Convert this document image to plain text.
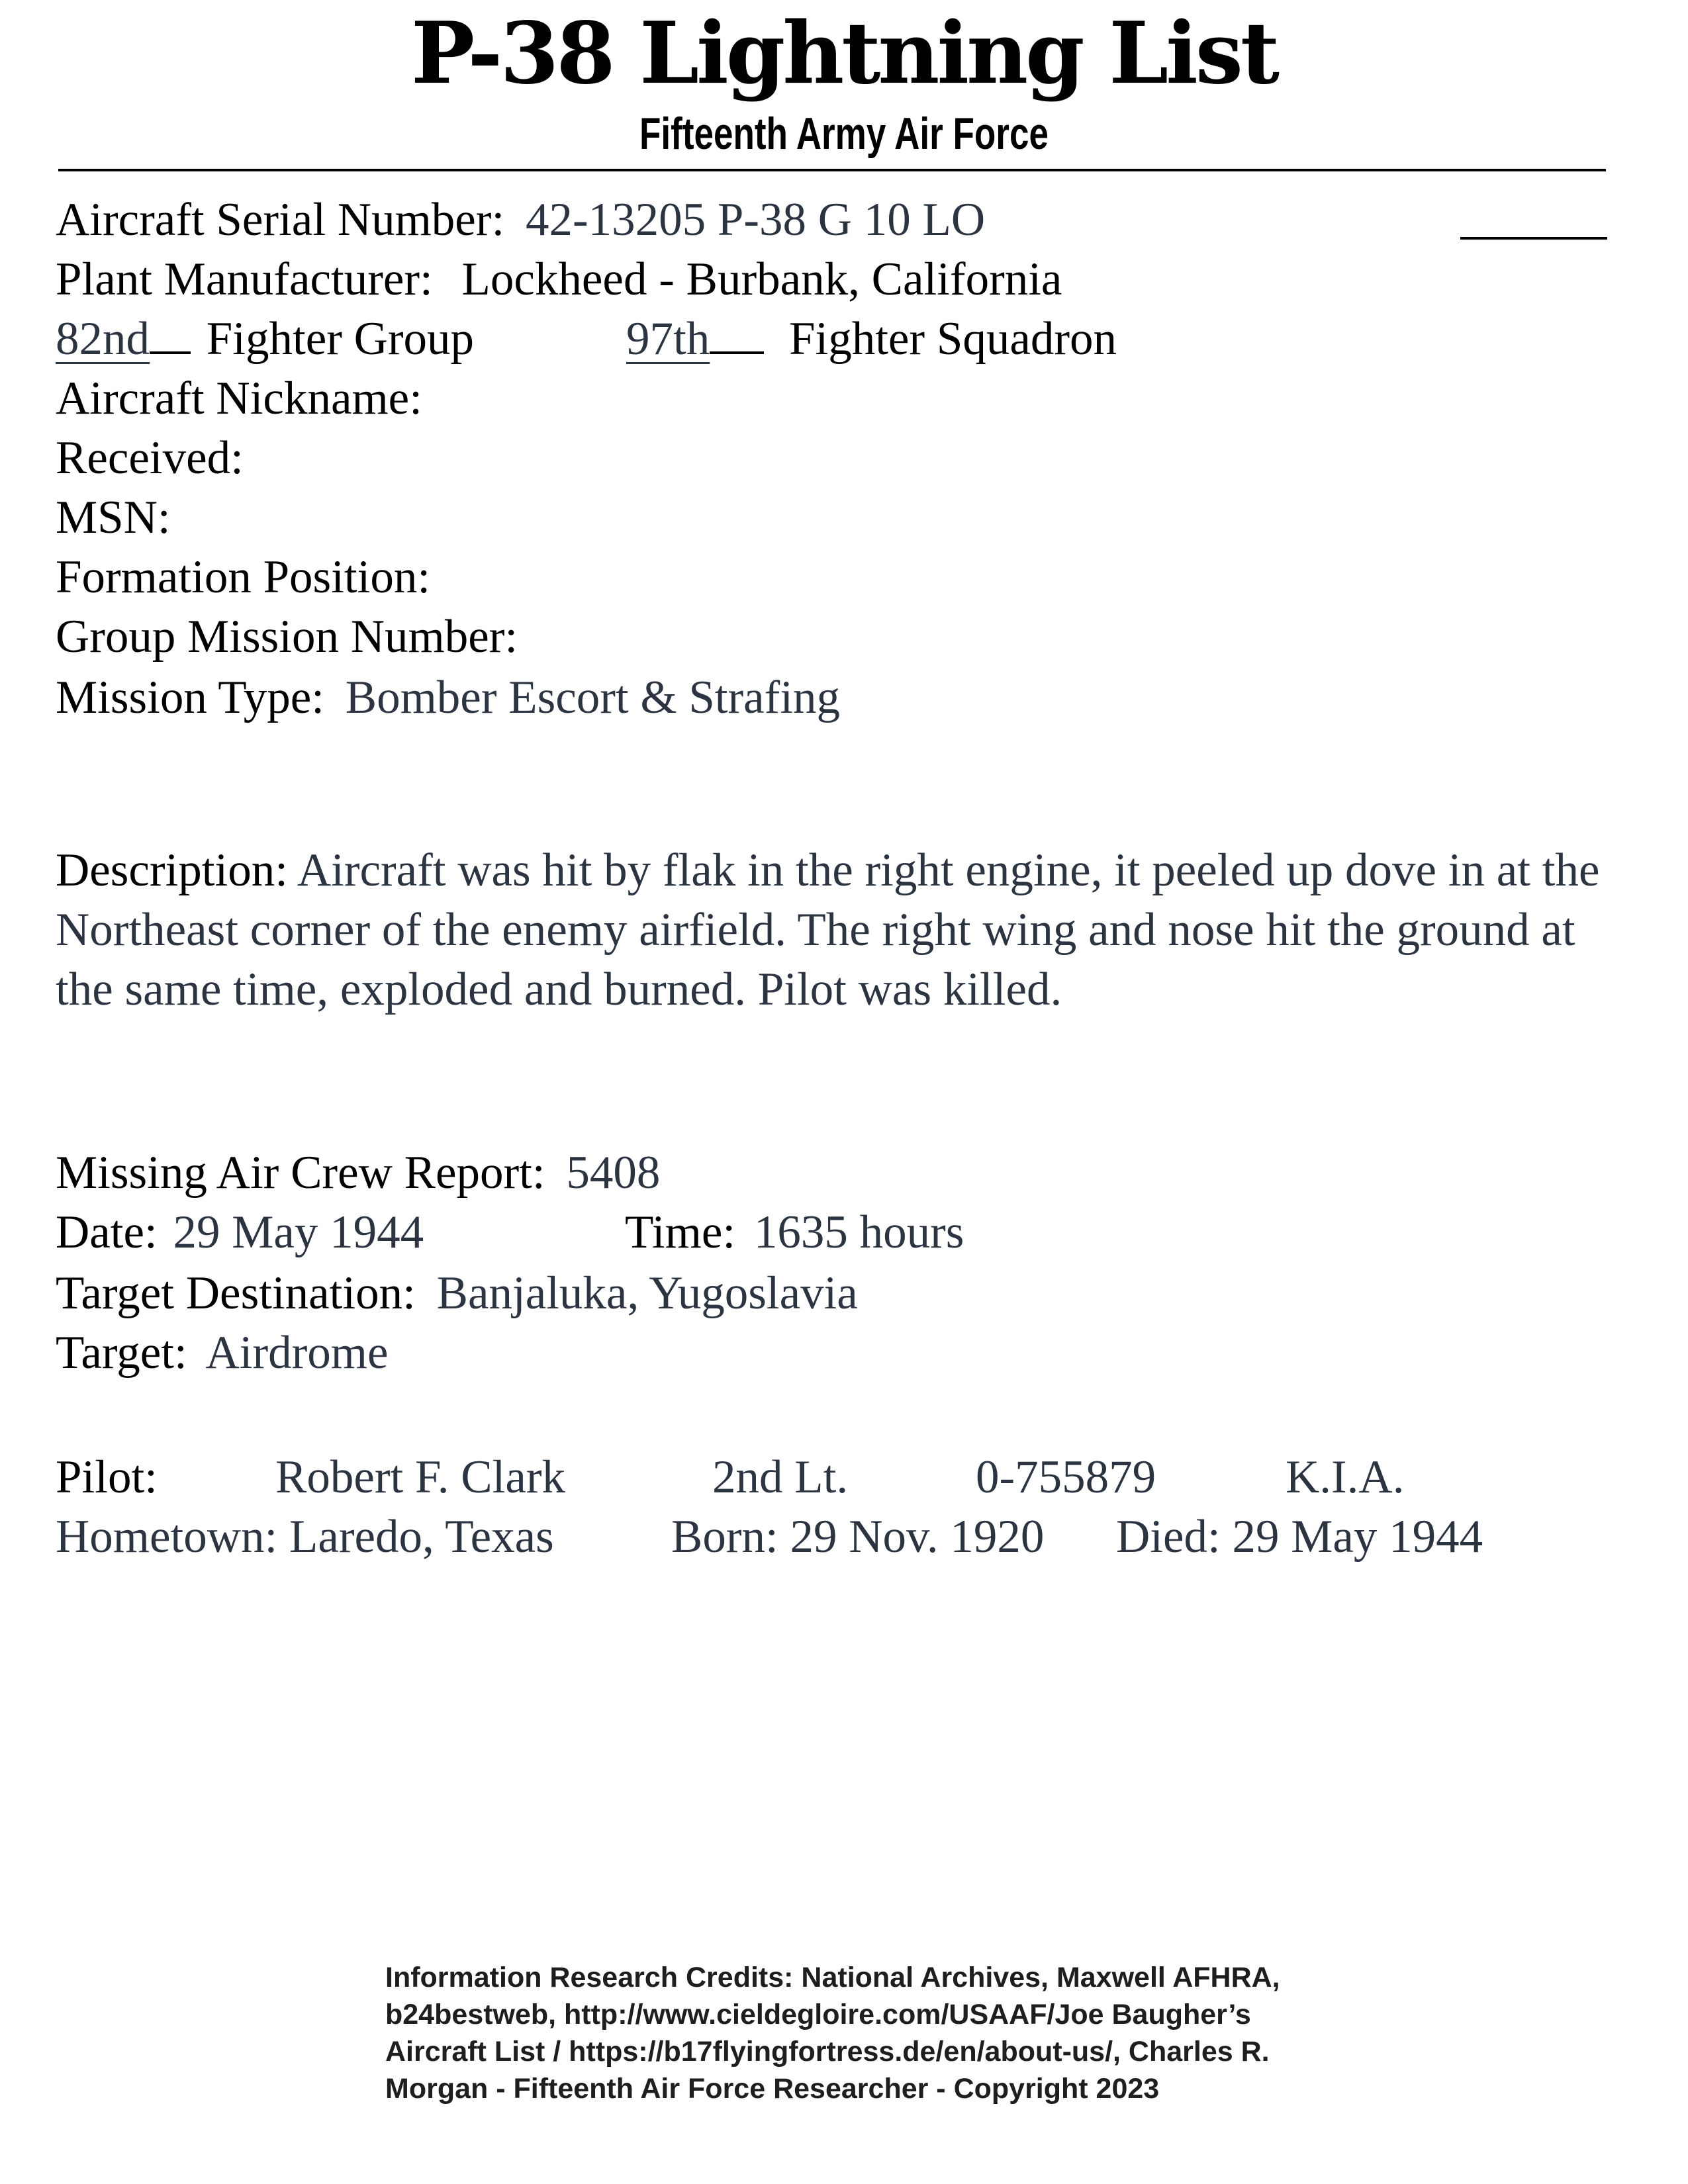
P-38 Lightning List
Fifteenth Army Air Force
Aircraft Serial Number: 42-13205 P-38 G 10 LO
Plant Manufacturer: Lockheed - Burbank, California
82nd Fighter Group	97th Fighter Squadron
Aircraft Nickname:
Received:
MSN:
Formation Position:
Group Mission Number:
Mission Type: Bomber Escort & Strafing
Description: Aircraft was hit by flak in the right engine, it peeled up dove in at the Northeast corner of the enemy airfield. The right wing and nose hit the ground at the same time, exploded and burned. Pilot was killed.
Missing Air Crew Report: 5408
Date: 29 May 1944	Time: 1635 hours
Target Destination: Banjaluka, Yugoslavia
Target: Airdrome
Pilot:	Robert F. Clark	2nd Lt.	0-755879	K.I.A.
Hometown: Laredo, Texas Born: 29 Nov. 1920 Died: 29 May 1944
Information Research Credits: National Archives, Maxwell AFHRA,
b24bestweb, http://www.cieldegloire.com/USAAF/Joe Baugher’s
Aircraft List / https://b17flyingfortress.de/en/about-us/, Charles R.
Morgan - Fifteenth Air Force Researcher - Copyright 2023
